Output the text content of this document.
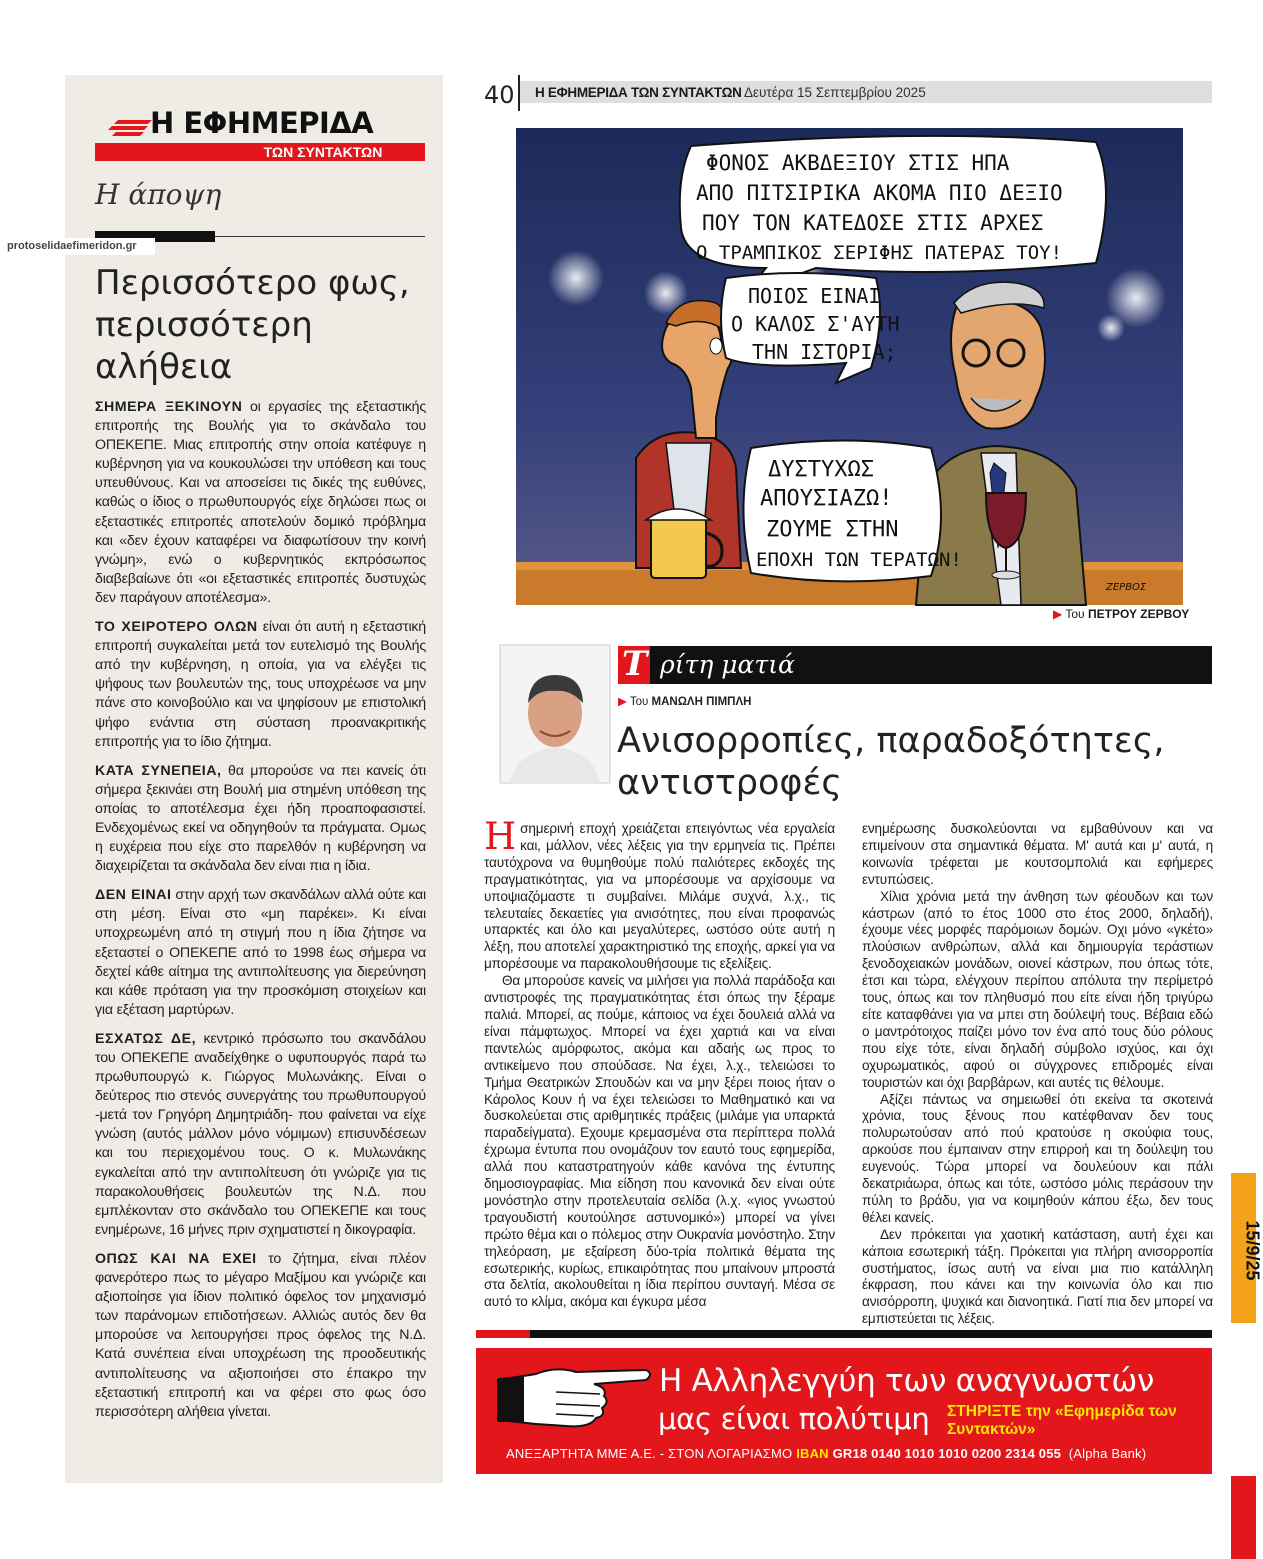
Η ΕΦΗΜΕΡΙΔΑ
ΤΩΝ ΣΥΝΤΑΚΤΩΝ
Η άποψη
protoselidaefimeridon.gr
Περισσότερο φως, περισσότερη αλήθεια

ΣΗΜΕΡΑ ΞΕΚΙΝΟΥΝ οι εργασίες της εξεταστικής επιτροπής της Βουλής για το σκάνδαλο του ΟΠΕΚΕΠΕ. Μιας επιτροπής στην οποία κατέφυγε η κυβέρνηση για να κουκουλώσει την υπόθεση και τους υπευθύνους. Και να αποσείσει τις δικές της ευθύνες, καθώς ο ίδιος ο πρωθυπουργός είχε δηλώσει πως οι εξεταστικές επιτροπές αποτελούν δομικό πρόβλημα και «δεν έχουν καταφέρει να διαφωτίσουν την κοινή γνώμη», ενώ ο κυβερνητικός εκπρόσωπος διαβεβαίωνε ότι «οι εξεταστικές επιτροπές δυστυχώς δεν παράγουν αποτέλεσμα».

ΤΟ ΧΕΙΡΟΤΕΡΟ ΟΛΩΝ είναι ότι αυτή η εξεταστική επιτροπή συγκαλείται μετά τον ευτελισμό της Βουλής από την κυβέρνηση, η οποία, για να ελέγξει τις ψήφους των βουλευτών της, τους υποχρέωσε να μην πάνε στο κοινοβούλιο και να ψηφίσουν με επιστολική ψήφο ενάντια στη σύσταση προανακριτικής επιτροπής για το ίδιο ζήτημα.

ΚΑΤΑ ΣΥΝΕΠΕΙΑ, θα μπορούσε να πει κανείς ότι σήμερα ξεκινάει στη Βουλή μια στημένη υπόθεση της οποίας το αποτέλεσμα έχει ήδη προαποφασιστεί. Ενδεχομένως εκεί να οδηγηθούν τα πράγματα. Ομως η ευχέρεια που είχε στο παρελθόν η κυβέρνηση να διαχειρίζεται τα σκάνδαλα δεν είναι πια η ίδια.

ΔΕΝ ΕΙΝΑΙ στην αρχή των σκανδάλων αλλά ούτε και στη μέση. Είναι στο «μη παρέκει». Κι είναι υποχρεωμένη από τη στιγμή που η ίδια ζήτησε να εξεταστεί ο ΟΠΕΚΕΠΕ από το 1998 έως σήμερα να δεχτεί κάθε αίτημα της αντιπολίτευσης για διερεύνηση και κάθε πρόταση για την προσκόμιση στοιχείων και για εξέταση μαρτύρων.

ΕΣΧΑΤΩΣ ΔΕ, κεντρικό πρόσωπο του σκανδάλου του ΟΠΕΚΕΠΕ αναδείχθηκε ο υφυπουργός παρά τω πρωθυπουργώ κ. Γιώργος Μυλωνάκης. Είναι ο δεύτερος πιο στενός συνεργάτης του πρωθυπουργού -μετά τον Γρηγόρη Δημητριάδη- που φαίνεται να είχε γνώση (αυτός μάλλον μόνο νόμιμων) επισυνδέσεων και του περιεχομένου τους. Ο κ. Μυλωνάκης εγκαλείται από την αντιπολίτευση ότι γνώριζε για τις παρακολουθήσεις βουλευτών της Ν.Δ. που εμπλέκονταν στο σκάνδαλο του ΟΠΕΚΕΠΕ και τους ενημέρωνε, 16 μήνες πριν σχηματιστεί η δικογραφία.

ΟΠΩΣ ΚΑΙ ΝΑ ΕΧΕΙ το ζήτημα, είναι πλέον φανερότερο πως το μέγαρο Μαξίμου και γνώριζε και αξιοποίησε για ίδιον πολιτικό όφελος τον μηχανισμό των παράνομων επιδοτήσεων. Αλλιώς αυτός δεν θα μπορούσε να λειτουργήσει προς όφελος της Ν.Δ. Κατά συνέπεια είναι υποχρέωση της προοδευτικής αντιπολίτευσης να αξιοποιήσει στο έπακρο την εξεταστική επιτροπή και να φέρει στο φως όσο περισσότερη αλήθεια γίνεται.

40 Η ΕΦΗΜΕΡΙΔΑ ΤΩΝ ΣΥΝΤΑΚΤΩΝ Δευτέρα 15 Σεπτεμβρίου 2025
ΦΟΝΟΣ ΑΚΒΔΕΞΙΟΥ ΣΤΙΣ ΗΠΑ
ΑΠΟ ΠΙΤΣΙΡΙΚΑ ΑΚΟΜΑ ΠΙΟ ΔΕΞΙΟ
ΠΟΥ ΤΟΝ ΚΑΤΕΔΟΣΕ ΣΤΙΣ ΑΡΧΕΣ
Ο ΤΡΑΜΠΙΚΟΣ ΣΕΡΙΦΗΣ ΠΑΤΕΡΑΣ ΤΟΥ!
ΠΟΙΟΣ ΕΙΝΑΙ
Ο ΚΑΛΟΣ Σ'ΑΥΤΗ
ΤΗΝ ΙΣΤΟΡΙΑ;
ΔΥΣΤΥΧΩΣ
ΑΠΟΥΣΙΑΖΩ!
ΖΟΥΜΕ ΣΤΗΝ
ΕΠΟΧΗ ΤΩΝ ΤΕΡΑΤΩΝ!
ΖΕΡΒΟΣ
▶ Του ΠΕΤΡΟΥ ΖΕΡΒΟΥ
Τ ρίτη ματιά
▶ Του ΜΑΝΩΛΗ ΠΙΜΠΛΗ
Ανισορροπίες, παραδοξότητες, αντιστροφές

Η σημερινή εποχή χρειάζεται επειγόντως νέα εργαλεία και, μάλλον, νέες λέξεις για την ερμηνεία τις. Πρέπει ταυτόχρονα να θυμηθούμε πολύ παλιότερες εκδοχές της πραγματικότητας, για να μπορέσουμε να αρχίσουμε να υποψιαζόμαστε τι συμβαίνει. Μιλάμε συχνά, λ.χ., τις τελευταίες δεκαετίες για ανισότητες, που είναι προφανώς υπαρκτές και όλο και μεγαλύτερες, ωστόσο ούτε αυτή η λέξη, που αποτελεί χαρακτηριστικό της εποχής, αρκεί για να μπορέσουμε να παρακολουθήσουμε τις εξελίξεις.

Θα μπορούσε κανείς να μιλήσει για πολλά παράδοξα και αντιστροφές της πραγματικότητας έτσι όπως την ξέραμε παλιά. Μπορεί, ας πούμε, κάποιος να έχει δουλειά αλλά να είναι πάμφτωχος. Μπορεί να έχει χαρτιά και να είναι παντελώς αμόρφωτος, ακόμα και αδαής ως προς το αντικείμενο που σπούδασε. Να έχει, λ.χ., τελειώσει το Τμήμα Θεατρικών Σπουδών και να μην ξέρει ποιος ήταν ο Κάρολος Κουν ή να έχει τελειώσει το Μαθηματικό και να δυσκολεύεται στις αριθμητικές πράξεις (μιλάμε για υπαρκτά παραδείγματα). Εχουμε κρεμασμένα στα περίπτερα πολλά έχρωμα έντυπα που ονομάζουν τον εαυτό τους εφημερίδα, αλλά που καταστρατηγούν κάθε κανόνα της έντυπης δημοσιογραφίας. Μια είδηση που κανονικά δεν είναι ούτε μονόστηλο στην προτελευταία σελίδα (λ.χ. «γιος γνωστού τραγουδιστή κουτούλησε αστυνομικό») μπορεί να γίνει πρώτο θέμα και ο πόλεμος στην Ουκρανία μονόστηλο. Στην τηλεόραση, με εξαίρεση δύο-τρία πολιτικά θέματα της εσωτερικής, κυρίως, επικαιρότητας που μπαίνουν μπροστά στα δελτία, ακολουθείται η ίδια περίπου συνταγή. Μέσα σε αυτό το κλίμα, ακόμα και έγκυρα μέσα

ενημέρωσης δυσκολεύονται να εμβαθύνουν και να επιμείνουν στα σημαντικά θέματα. Μ' αυτά και μ' αυτά, η κοινωνία τρέφεται με κουτσομπολιά και εφήμερες εντυπώσεις.

Χίλια χρόνια μετά την άνθηση των φέουδων και των κάστρων (από το έτος 1000 στο έτος 2000, δηλαδή), έχουμε νέες μορφές παρόμοιων δομών. Οχι μόνο «γκέτο» πλούσιων ανθρώπων, αλλά και δημιουργία τεράστιων ξενοδοχειακών μονάδων, οιονεί κάστρων, που όπως τότε, έτσι και τώρα, ελέγχουν περίπου απόλυτα την περίμετρό τους, όπως και τον πληθυσμό που είτε είναι ήδη τριγύρω είτε καταφθάνει για να μπει στη δούλεψή τους. Βέβαια εδώ ο μαντρότοιχος παίζει μόνο τον ένα από τους δύο ρόλους που είχε τότε, είναι δηλαδή σύμβολο ισχύος, και όχι οχυρωματικός, αφού οι σύγχρονες επιδρομές είναι τουριστών και όχι βαρβάρων, και αυτές τις θέλουμε.

Αξίζει πάντως να σημειωθεί ότι εκείνα τα σκοτεινά χρόνια, τους ξένους που κατέφθαναν δεν τους πολυρωτούσαν από πού κρατούσε η σκούφια τους, αρκούσε που έμπαιναν στην επιρροή και τη δούλεψη του ευγενούς. Τώρα μπορεί να δουλεύουν και πάλι δεκατριάωρα, όπως και τότε, ωστόσο μόλις περάσουν την πύλη το βράδυ, για να κοιμηθούν κάπου έξω, δεν τους θέλει κανείς.

Δεν πρόκειται για χαοτική κατάσταση, αυτή έχει και κάποια εσωτερική τάξη. Πρόκειται για πλήρη ανισορροπία συστήματος, ίσως αυτή να είναι μια πιο κατάλληλη έκφραση, που κάνει και την κοινωνία όλο και πιο ανισόρροπη, ψυχικά και διανοητικά. Γιατί πια δεν μπορεί να εμπιστεύεται τις λέξεις.

15/9/25
Η Αλληλεγγύη των αναγνωστών
μας είναι πολύτιμη ΣΤΗΡΙΞΤΕ την «Εφημερίδα των Συντακτών»
ΑΝΕΞΑΡΤΗΤΑ ΜΜΕ Α.Ε. - ΣΤΟΝ ΛΟΓΑΡΙΑΣΜΟ IBAN GR18 0140 1010 1010 0200 2314 055 (Alpha Bank)
